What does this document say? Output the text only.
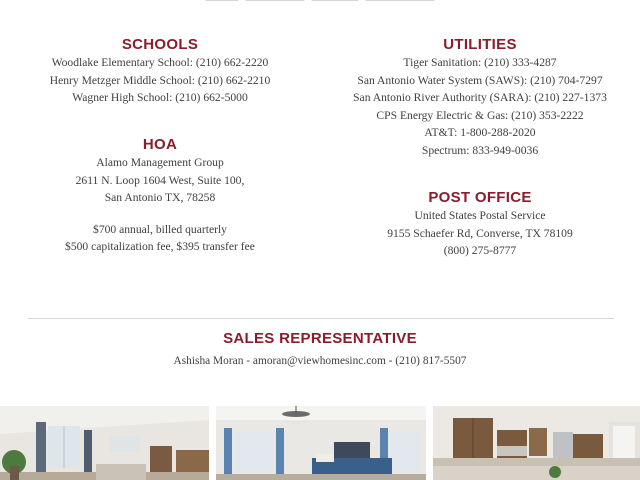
SCHOOLS
Woodlake Elementary School: (210) 662-2220
Henry Metzger Middle School: (210) 662-2210
Wagner High School: (210) 662-5000
HOA
Alamo Management Group
2611 N. Loop 1604 West, Suite 100,
San Antonio TX, 78258
$700 annual, billed quarterly
$500 capitalization fee, $395 transfer fee
UTILITIES
Tiger Sanitation: (210) 333-4287
San Antonio Water System (SAWS): (210) 704-7297
San Antonio River Authority (SARA): (210) 227-1373
CPS Energy Electric & Gas: (210) 353-2222
AT&T: 1-800-288-2020
Spectrum: 833-949-0036
POST OFFICE
United States Postal Service
9155 Schaefer Rd, Converse, TX 78109
(800) 275-8777
SALES REPRESENTATIVE
Ashisha Moran - amoran@viewhomesinc.com - (210) 817-5507
